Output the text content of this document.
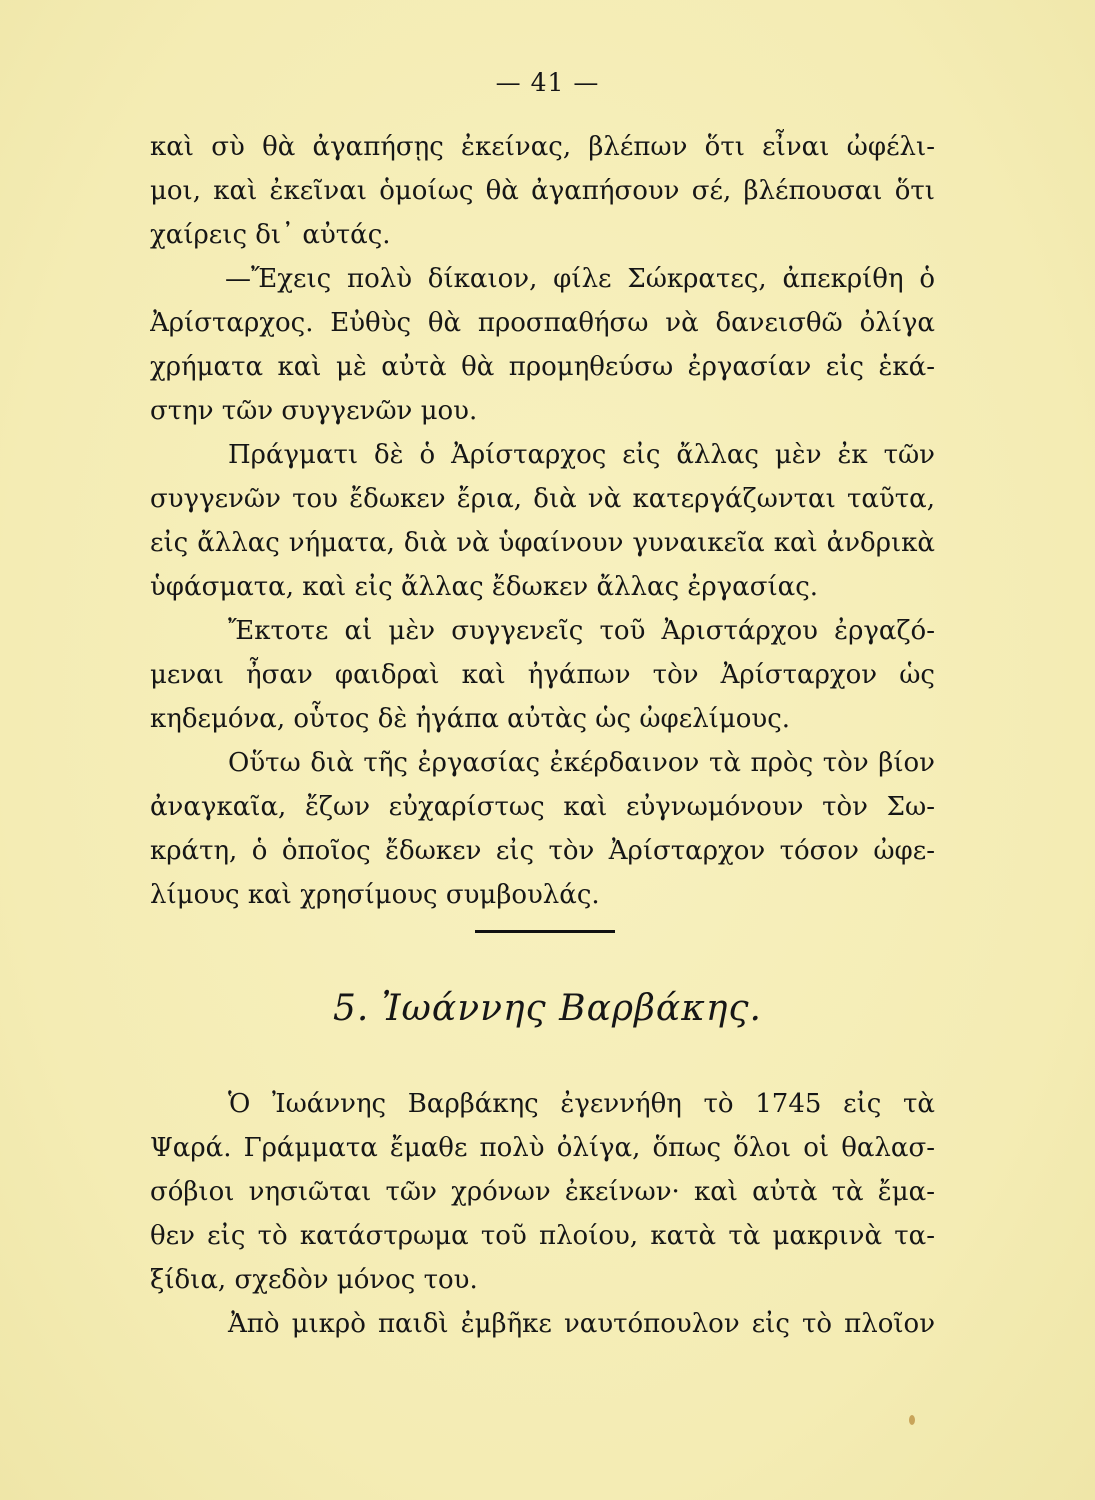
— 41 —
καὶ σὺ θὰ ἀγαπήσῃς ἐκείνας, βλέπων ὅτι εἶναι ὠφέλι-
μοι, καὶ ἐκεῖναι ὁμοίως θὰ ἀγαπήσουν σέ, βλέπουσαι ὅτι
χαίρεις δι᾽ αὐτάς.
—Ἔχεις πολὺ δίκαιον, φίλε Σώκρατες, ἀπεκρίθη ὁ
Ἀρίσταρχος. Εὐθὺς θὰ προσπαθήσω νὰ δανεισθῶ ὀλίγα
χρήματα καὶ μὲ αὐτὰ θὰ προμηθεύσω ἐργασίαν εἰς ἑκά-
στην τῶν συγγενῶν μου.
Πράγματι δὲ ὁ Ἀρίσταρχος εἰς ἄλλας μὲν ἐκ τῶν
συγγενῶν του ἔδωκεν ἔρια, διὰ νὰ κατεργάζωνται ταῦτα,
εἰς ἄλλας νήματα, διὰ νὰ ὑφαίνουν γυναικεῖα καὶ ἀνδρικὰ
ὑφάσματα, καὶ εἰς ἄλλας ἔδωκεν ἄλλας ἐργασίας.
Ἔκτοτε αἱ μὲν συγγενεῖς τοῦ Ἀριστάρχου ἐργαζό-
μεναι ἦσαν φαιδραὶ καὶ ἠγάπων τὸν Ἀρίσταρχον ὡς
κηδεμόνα, οὗτος δὲ ἠγάπα αὐτὰς ὡς ὠφελίμους.
Οὕτω διὰ τῆς ἐργασίας ἐκέρδαινον τὰ πρὸς τὸν βίον
ἀναγκαῖα, ἔζων εὐχαρίστως καὶ εὐγνωμόνουν τὸν Σω-
κράτη, ὁ ὁποῖος ἔδωκεν εἰς τὸν Ἀρίσταρχον τόσον ὠφε-
λίμους καὶ χρησίμους συμβουλάς.
5. Ἰωάννης Βαρβάκης.
Ὁ Ἰωάννης Βαρβάκης ἐγεννήθη τὸ 1745 εἰς τὰ
Ψαρά. Γράμματα ἔμαθε πολὺ ὀλίγα, ὅπως ὅλοι οἱ θαλασ-
σόβιοι νησιῶται τῶν χρόνων ἐκείνων· καὶ αὐτὰ τὰ ἔμα-
θεν εἰς τὸ κατάστρωμα τοῦ πλοίου, κατὰ τὰ μακρινὰ τα-
ξίδια, σχεδὸν μόνος του.
Ἀπὸ μικρὸ παιδὶ ἐμβῆκε ναυτόπουλον εἰς τὸ πλοῖον
